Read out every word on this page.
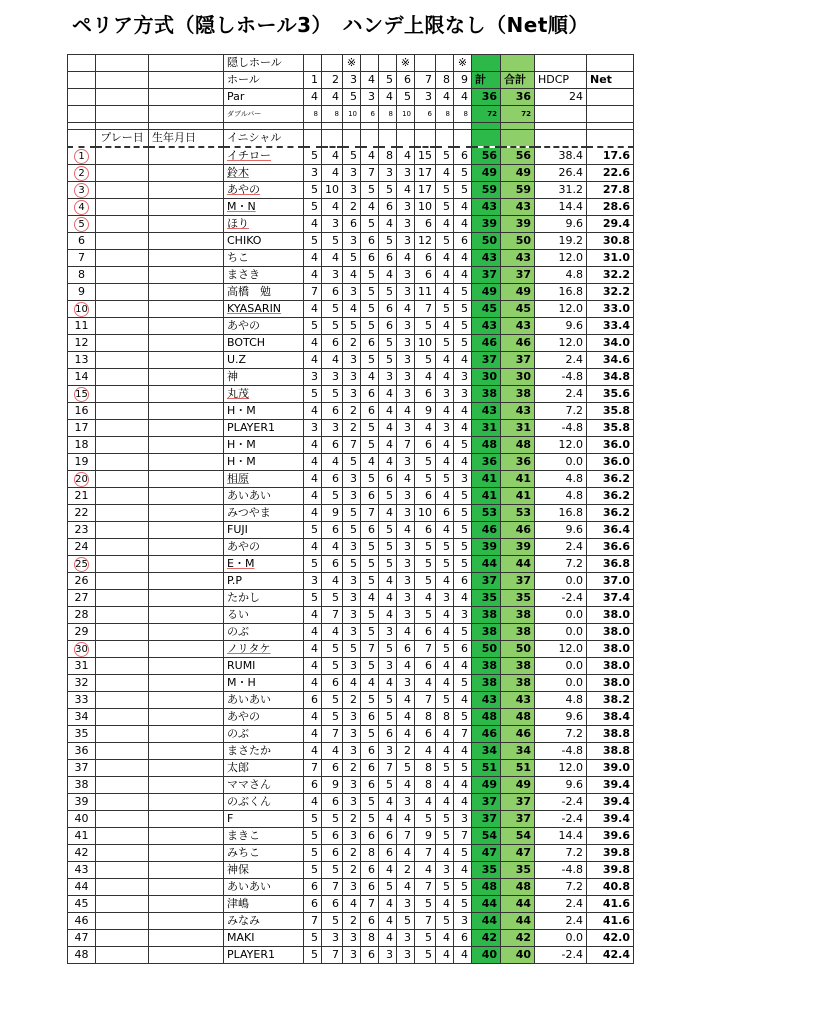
ペリア方式（隠しホール3）　ハンデ上限なし（Net順）
			隠しホール			※			※			※				
			ホール	1	2	3	4	5	6	7	8	9	計	合計	HDCP	Net
			Par	4	4	5	3	4	5	3	4	4	36	36	24	
			ダブルバー	8	8	10	6	8	10	6	8	8	72	72		

	プレー日	生年月日	イニシャル													
1			イチロー	5	4	5	4	8	4	15	5	6	56	56	38.4	17.6
2			鈴木	3	4	3	7	3	3	17	4	5	49	49	26.4	22.6
3			あやの	5	10	3	5	5	4	17	5	5	59	59	31.2	27.8
4			M・N	5	4	2	4	6	3	10	5	4	43	43	14.4	28.6
5			ほり	4	3	6	5	4	3	6	4	4	39	39	9.6	29.4
6			CHIKO	5	5	3	6	5	3	12	5	6	50	50	19.2	30.8
7			ちこ	4	4	5	6	6	4	6	4	4	43	43	12.0	31.0
8			まさき	4	3	4	5	4	3	6	4	4	37	37	4.8	32.2
9			高橋　勉	7	6	3	5	5	3	11	4	5	49	49	16.8	32.2
10			KYASARIN	4	5	4	5	6	4	7	5	5	45	45	12.0	33.0
11			あやの	5	5	5	5	6	3	5	4	5	43	43	9.6	33.4
12			BOTCH	4	6	2	6	5	3	10	5	5	46	46	12.0	34.0
13			U.Z	4	4	3	5	5	3	5	4	4	37	37	2.4	34.6
14			神	3	3	3	4	3	3	4	4	3	30	30	-4.8	34.8
15			丸茂	5	5	3	6	4	3	6	3	3	38	38	2.4	35.6
16			H・M	4	6	2	6	4	4	9	4	4	43	43	7.2	35.8
17			PLAYER1	3	3	2	5	4	3	4	3	4	31	31	-4.8	35.8
18			H・M	4	6	7	5	4	7	6	4	5	48	48	12.0	36.0
19			H・M	4	4	5	4	4	3	5	4	4	36	36	0.0	36.0
20			相原	4	6	3	5	6	4	5	5	3	41	41	4.8	36.2
21			あいあい	4	5	3	6	5	3	6	4	5	41	41	4.8	36.2
22			みつやま	4	9	5	7	4	3	10	6	5	53	53	16.8	36.2
23			FUJI	5	6	5	6	5	4	6	4	5	46	46	9.6	36.4
24			あやの	4	4	3	5	5	3	5	5	5	39	39	2.4	36.6
25			E・M	5	6	5	5	5	3	5	5	5	44	44	7.2	36.8
26			P.P	3	4	3	5	4	3	5	4	6	37	37	0.0	37.0
27			たかし	5	5	3	4	4	3	4	3	4	35	35	-2.4	37.4
28			るい	4	7	3	5	4	3	5	4	3	38	38	0.0	38.0
29			のぶ	4	4	3	5	3	4	6	4	5	38	38	0.0	38.0
30			ノリタケ	4	5	5	7	5	6	7	5	6	50	50	12.0	38.0
31			RUMI	4	5	3	5	3	4	6	4	4	38	38	0.0	38.0
32			M・H	4	6	4	4	4	3	4	4	5	38	38	0.0	38.0
33			あいあい	6	5	2	5	5	4	7	5	4	43	43	4.8	38.2
34			あやの	4	5	3	6	5	4	8	8	5	48	48	9.6	38.4
35			のぶ	4	7	3	5	6	4	6	4	7	46	46	7.2	38.8
36			まさたか	4	4	3	6	3	2	4	4	4	34	34	-4.8	38.8
37			太郎	7	6	2	6	7	5	8	5	5	51	51	12.0	39.0
38			ママさん	6	9	3	6	5	4	8	4	4	49	49	9.6	39.4
39			のぶくん	4	6	3	5	4	3	4	4	4	37	37	-2.4	39.4
40			F	5	5	2	5	4	4	5	5	3	37	37	-2.4	39.4
41			まきこ	5	6	3	6	6	7	9	5	7	54	54	14.4	39.6
42			みちこ	5	6	2	8	6	4	7	4	5	47	47	7.2	39.8
43			神保	5	5	2	6	4	2	4	3	4	35	35	-4.8	39.8
44			あいあい	6	7	3	6	5	4	7	5	5	48	48	7.2	40.8
45			津嶋	6	6	4	7	4	3	5	4	5	44	44	2.4	41.6
46			みなみ	7	5	2	6	4	5	7	5	3	44	44	2.4	41.6
47			MAKI	5	3	3	8	4	3	5	4	6	42	42	0.0	42.0
48			PLAYER1	5	7	3	6	3	3	5	4	4	40	40	-2.4	42.4
